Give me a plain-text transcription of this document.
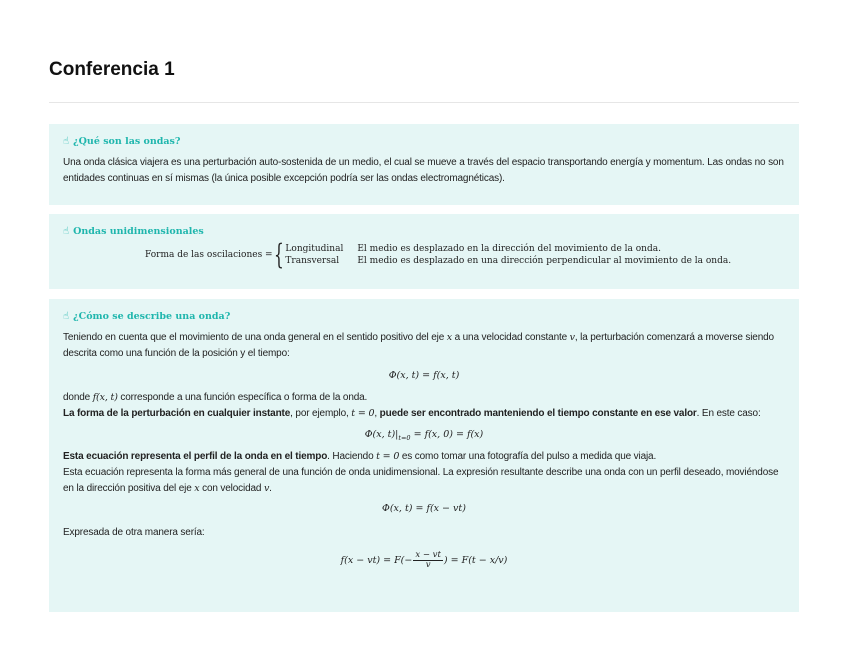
Conferencia 1
☝ ¿Qué son las ondas?

Una onda clásica viajera es una perturbación auto-sostenida de un medio, el cual se mueve a través del espacio transportando energía y momentum. Las ondas no son entidades continuas en sí mismas (la única posible excepción podría ser las ondas electromagnéticas).

☝ Ondas unidimensionales
Forma de las oscilaciones = { Longitudinal El medio es desplazado en la dirección del movimiento de la onda.
Transversal	El medio es desplazado en una dirección perpendicular al movimiento de la onda.
☝ ¿Cómo se describe una onda?

Teniendo en cuenta que el movimiento de una onda general en el sentido positivo del eje x a una velocidad constante v, la perturbación comenzará a moverse siendo descrita como una función de la posición y el tiempo:

Φ(x, t) = f(x, t)

donde f(x, t) corresponde a una función específica o forma de la onda.

La forma de la perturbación en cualquier instante, por ejemplo, t = 0, puede ser encontrado manteniendo el tiempo constante en ese valor. En este caso:

Φ(x, $t)|_{t=0} = f(x$, 0) = f(x)

Esta ecuación representa el perfil de la onda en el tiempo. Haciendo t = 0 es como tomar una fotografía del pulso a medida que viaja.

Esta ecuación representa la forma más general de una función de onda unidimensional. La expresión resultante describe una onda con un perfil deseado, moviéndose en la dirección positiva del eje x con velocidad v.

Φ(x, t) = f(x − vt)

Expresada de otra manera sería:

$f(x - vt) = F(- \frac{x - vt}{v}$ ) = F(t − x/v)
